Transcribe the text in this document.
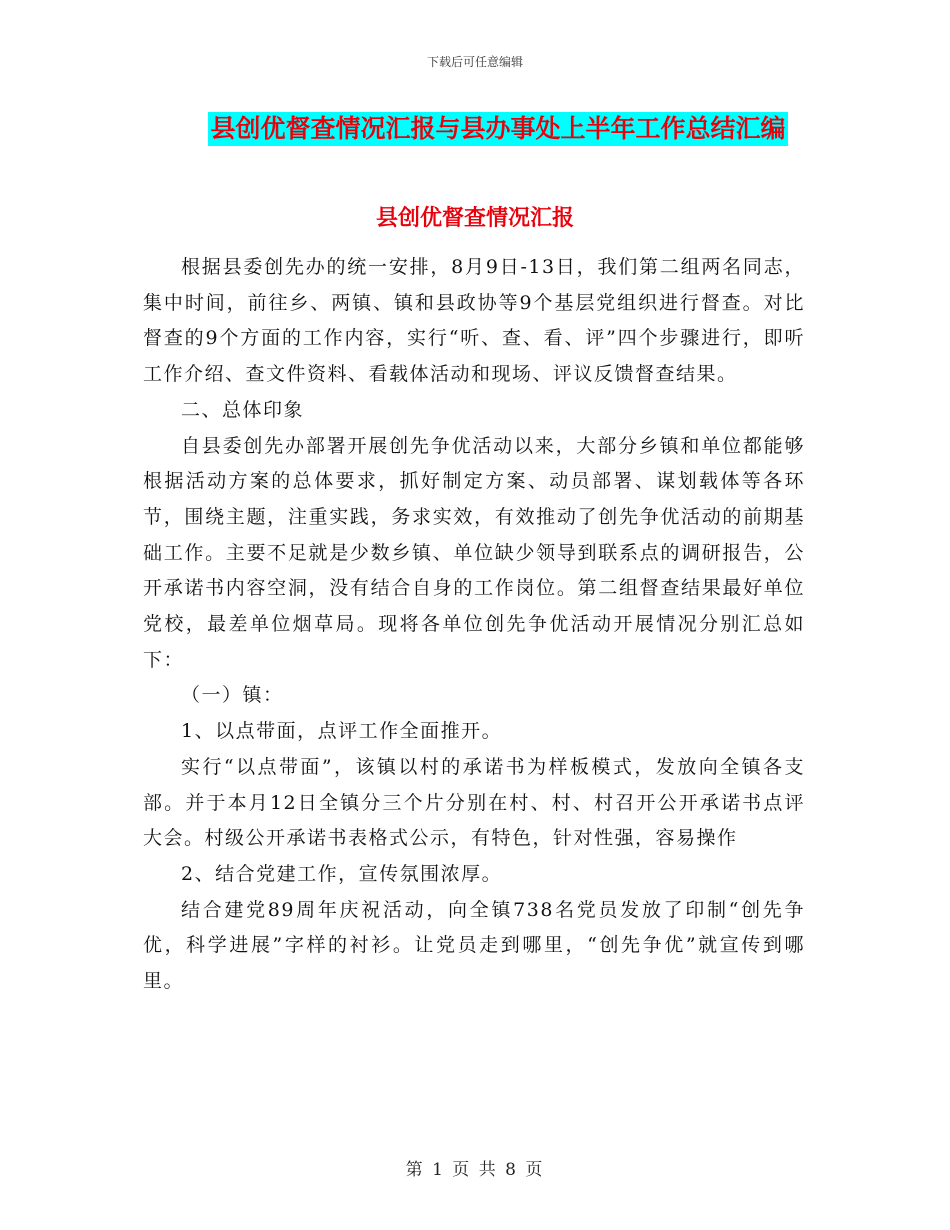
下载后可任意编辑
县创优督查情况汇报与县办事处上半年工作总结汇编
县创优督查情况汇报

根据县委创先办的统一安排，8月9日-13日，我们第二组两名同志，集中时间，前往乡、两镇、镇和县政协等9个基层党组织进行督查。对比督查的9个方面的工作内容，实行“听、查、看、评”四个步骤进行，即听工作介绍、查文件资料、看载体活动和现场、评议反馈督查结果。

二、总体印象

自县委创先办部署开展创先争优活动以来，大部分乡镇和单位都能够根据活动方案的总体要求，抓好制定方案、动员部署、谋划载体等各环节，围绕主题，注重实践，务求实效，有效推动了创先争优活动的前期基础工作。主要不足就是少数乡镇、单位缺少领导到联系点的调研报告，公开承诺书内容空洞，没有结合自身的工作岗位。第二组督查结果最好单位党校，最差单位烟草局。现将各单位创先争优活动开展情况分别汇总如下：

（一）镇：

1、以点带面，点评工作全面推开。

实行“以点带面”，该镇以村的承诺书为样板模式，发放向全镇各支部。并于本月12日全镇分三个片分别在村、村、村召开公开承诺书点评大会。村级公开承诺书表格式公示，有特色，针对性强，容易操作

2、结合党建工作，宣传氛围浓厚。

结合建党89周年庆祝活动，向全镇738名党员发放了印制“创先争优，科学进展”字样的衬衫。让党员走到哪里，“创先争优”就宣传到哪里。

第 1 页 共 8 页
